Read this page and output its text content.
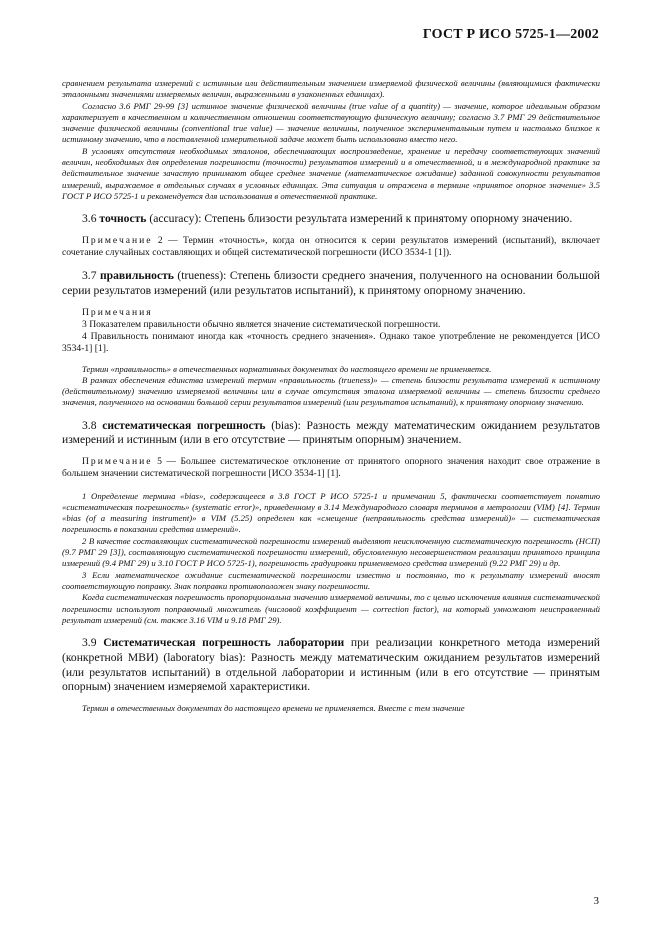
ГОСТ Р ИСО 5725-1—2002

сравнением результата измерений с истинным или действительным значением измеряемой физической величины (являющимися фактически эталонными значениями измеряемых величин, выраженными в узаконенных единицах).

Согласно 3.6 РМГ 29-99 [3] истинное значение физической величины (true value of a quantity) — значение, которое идеальным образом характеризует в качественном и количественном отношении соответствующую физическую величину; согласно 3.7 РМГ 29 действительное значение физической величины (conventional true value) — значение величины, полученное экспериментальным путем и настолько близкое к истинному значению, что в поставленной измерительной задаче может быть использовано вместо него.

В условиях отсутствия необходимых эталонов, обеспечивающих воспроизведение, хранение и передачу соответствующих значений величин, необходимых для определения погрешности (точности) результатов измерений и в отечественной, и в международной практике за действительное значение зачастую принимают общее среднее значение (математическое ожидание) заданной совокупности результатов измерений, выражаемое в отдельных случаях в условных единицах. Эта ситуация и отражена в термине «принятое опорное значение» 3.5 ГОСТ Р ИСО 5725-1 и рекомендуется для использования в отечественной практике.

3.6 точность (accuracy): Степень близости результата измерений к принятому опорному значению.

Примечание 2 — Термин «точность», когда он относится к серии результатов измерений (испытаний), включает сочетание случайных составляющих и общей систематической погрешности (ИСО 3534-1 [1]).

3.7 правильность (trueness): Степень близости среднего значения, полученного на основании большой серии результатов измерений (или результатов испытаний), к принятому опорному значению.

Примечания

3 Показателем правильности обычно является значение систематической погрешности.

4 Правильность понимают иногда как «точность среднего значения». Однако такое употребление не рекомендуется [ИСО 3534-1] [1].

Термин «правильность» в отечественных нормативных документах до настоящего времени не применяется.

В рамках обеспечения единства измерений термин «правильность (trueness)» — степень близости результата измерений к истинному (действительному) значению измеряемой величины или в случае отсутствия эталона измеряемой величины — степень близости среднего значения, полученного на основании большой серии результатов измерений (или результатов испытаний), к принятому опорному значению.

3.8 систематическая погрешность (bias): Разность между математическим ожиданием результатов измерений и истинным (или в его отсутствие — принятым опорным) значением.

Примечание 5 — Большее систематическое отклонение от принятого опорного значения находит свое отражение в большем значении систематической погрешности [ИСО 3534-1] [1].

1 Определение термина «bias», содержащееся в 3.8 ГОСТ Р ИСО 5725-1 и примечании 5, фактически соответствует понятию «систематическая погрешность» (systematic error)», приведенному в 3.14 Международного словаря терминов в метрологии (VIM) [4]. Термин «bias (of a measuring instrument)» в VIM (5.25) определен как «смещение (неправильность средства измерений)» — систематическая погрешность в показании средства измерений».

2 В качестве составляющих систематической погрешности измерений выделяют неисключенную систематическую погрешность (НСП) (9.7 РМГ 29 [3]), составляющую систематической погрешности измерений, обусловленную несовершенством реализации принятого принципа измерений (9.4 РМГ 29) и 3.10 ГОСТ Р ИСО 5725-1), погрешность градуировки применяемого средства измерений (9.22 РМГ 29) и др.

3 Если математическое ожидание систематической погрешности известно и постоянно, то к результату измерений вносят соответствующую поправку. Знак поправки противоположен знаку погрешности.

Когда систематическая погрешность пропорциональна значению измеряемой величины, то с целью исключения влияния систематической погрешности используют поправочный множитель (числовой коэффициент — correction factor), на который умножают неисправленный результат измерений (см. также 3.16 VIM и 9.18 РМГ 29).

3.9 Систематическая погрешность лаборатории при реализации конкретного метода измерений (конкретной МВИ) (laboratory bias): Разность между математическим ожиданием результатов измерений (или результатов испытаний) в отдельной лаборатории и истинным (или в его отсутствие — принятым опорным) значением измеряемой характеристики.

Термин в отечественных документах до настоящего времени не применяется. Вместе с тем значение

3
